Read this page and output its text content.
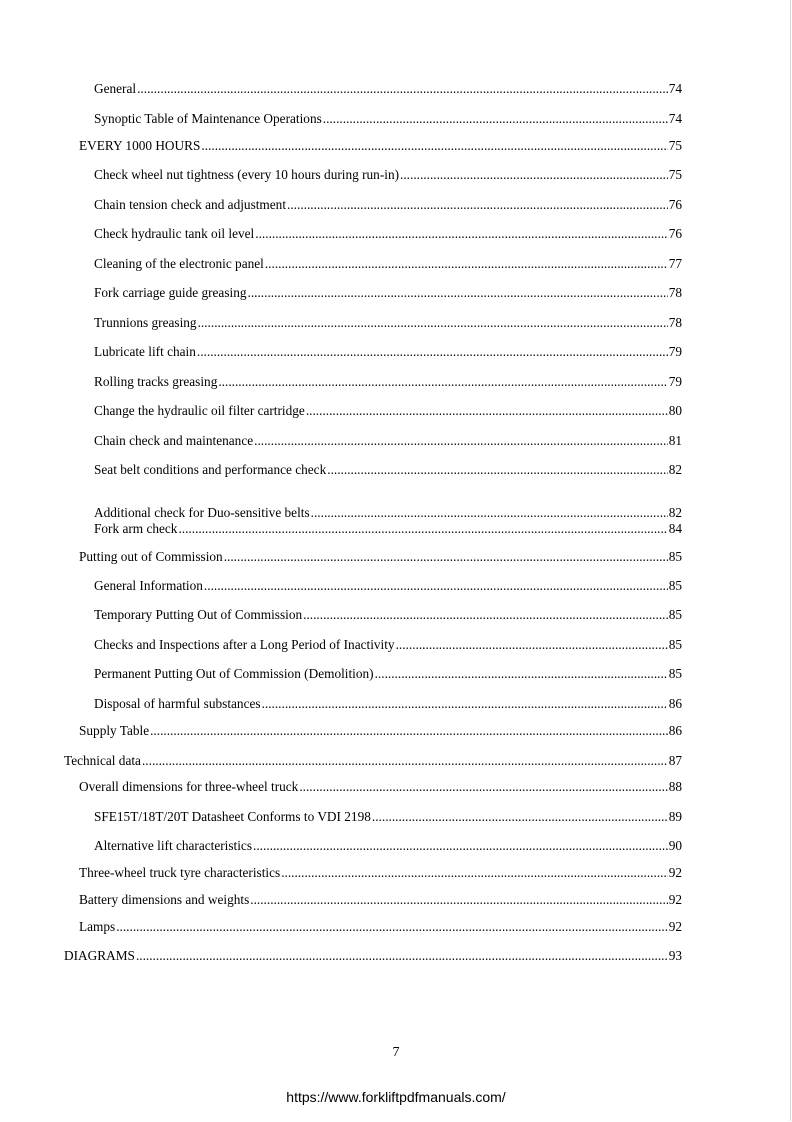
General .....	74
Synoptic Table of Maintenance Operations .....	74
EVERY 1000 HOURS .....	75
Check wheel nut tightness (every 10 hours during run-in) .....	75
Chain tension check and adjustment .....	76
Check hydraulic tank oil level .....	76
Cleaning of the electronic panel .....	77
Fork carriage guide greasing .....	78
Trunnions greasing .....	78
Lubricate lift chain .....	79
Rolling tracks greasing .....	79
Change the hydraulic oil filter cartridge .....	80
Chain check and maintenance .....	81
Seat belt conditions and performance check .....	82
Additional check for Duo-sensitive belts .....	82
Fork arm check .....	84
Putting out of Commission .....	85
General Information .....	85
Temporary Putting Out of Commission .....	85
Checks and Inspections after a Long Period of Inactivity .....	85
Permanent Putting Out of Commission (Demolition) .....	85
Disposal of harmful substances .....	86
Supply Table .....	86
Technical data .....	87
Overall dimensions for three-wheel truck .....	88
SFE15T/18T/20T Datasheet Conforms to VDI 2198 .....	89
Alternative lift characteristics .....	90
Three-wheel truck tyre characteristics .....	92
Battery dimensions and weights .....	92
Lamps .....	92
DIAGRAMS .....	93
7
https://www.forkliftpdfmanuals.com/
